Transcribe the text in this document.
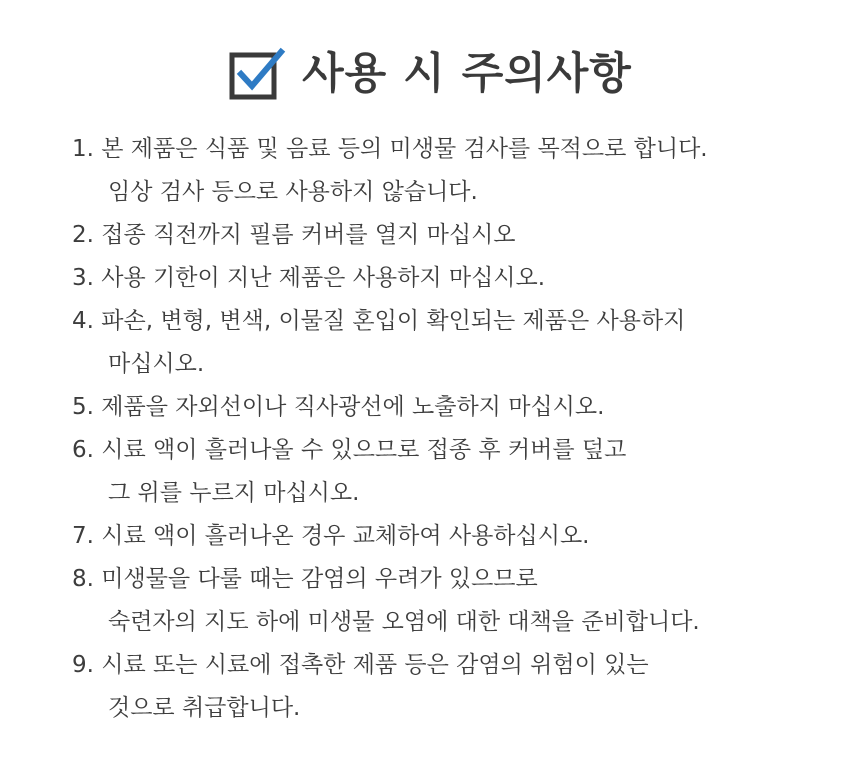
사용 시 주의사항
1. 본 제품은 식품 및 음료 등의 미생물 검사를 목적으로 합니다.
임상 검사 등으로 사용하지 않습니다.
2. 접종 직전까지 필름 커버를 열지 마십시오
3. 사용 기한이 지난 제품은 사용하지 마십시오.
4. 파손, 변형, 변색, 이물질 혼입이 확인되는 제품은 사용하지
마십시오.
5. 제품을 자외선이나 직사광선에 노출하지 마십시오.
6. 시료 액이 흘러나올 수 있으므로 접종 후 커버를 덮고
그 위를 누르지 마십시오.
7. 시료 액이 흘러나온 경우 교체하여 사용하십시오.
8. 미생물을 다룰 때는 감염의 우려가 있으므로
숙련자의 지도 하에 미생물 오염에 대한 대책을 준비합니다.
9. 시료 또는 시료에 접촉한 제품 등은 감염의 위험이 있는
것으로 취급합니다.
